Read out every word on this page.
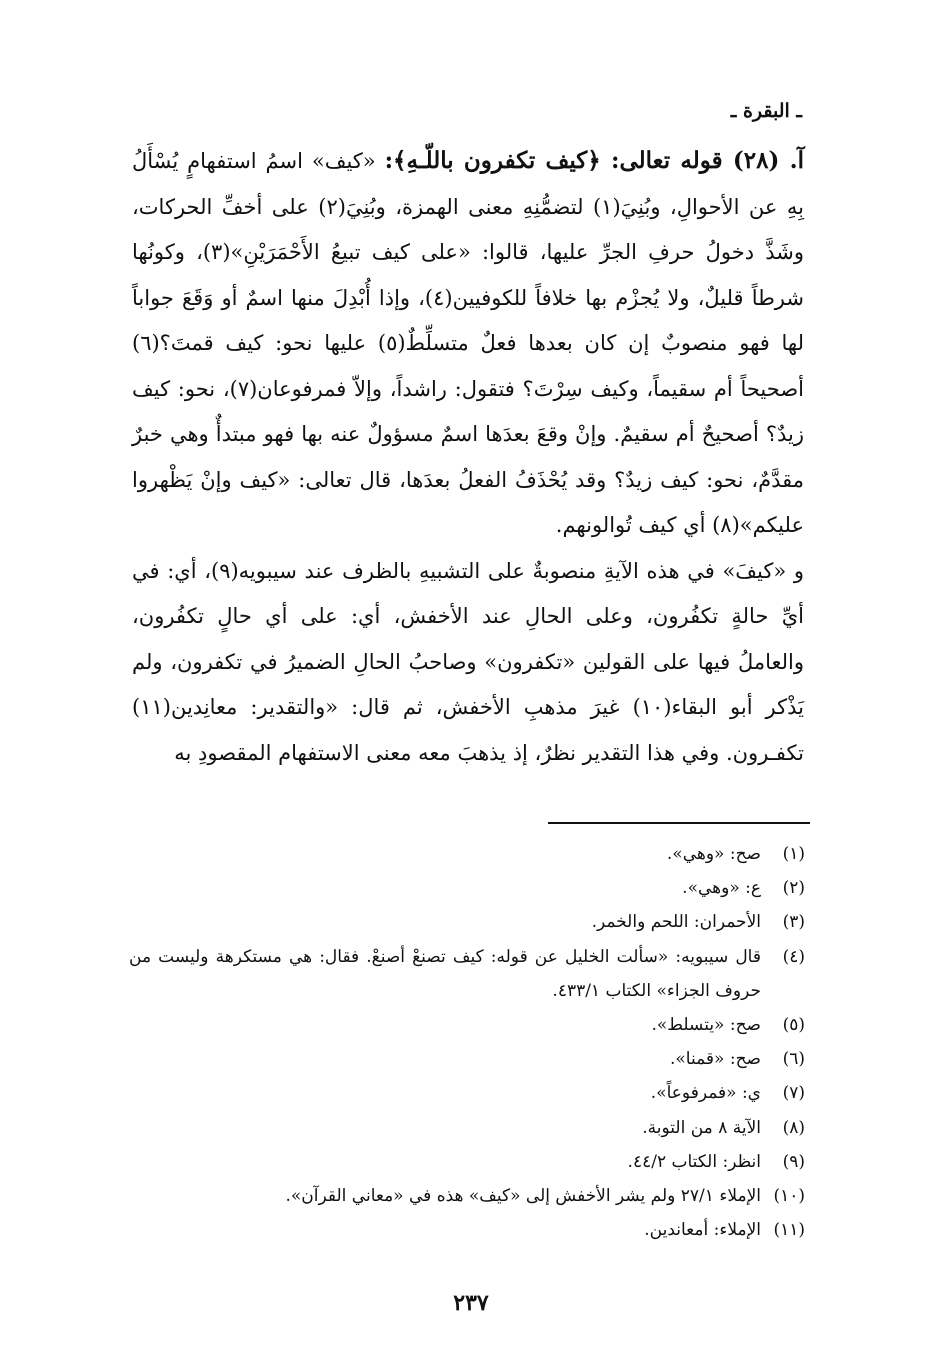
ـ البقرة ـ

آ. (٢٨) قوله تعالى: ﴿كيف تكفرون باللّـهِ﴾: «كيف» اسمُ استفهامٍ يُسْأَلُ بِهِ عن الأحوالِ، وبُنِيَ(١) لتضمُّنِهِ معنى الهمزة، وبُنِيَ(٢) على أخفِّ الحركات، وشَذَّ دخولُ حرفِ الجرِّ عليها، قالوا: «على كيف تبيعُ الأَحْمَرَيْنِ»(٣)، وكونُها شرطاً قليلٌ، ولا يُجزْم بها خلافاً للكوفيين(٤)، وإذا أُبْدِلَ منها اسمٌ أو وَقَعَ جواباً لها فهو منصوبٌ إن كان بعدها فعلٌ متسلِّطٌ(٥) عليها نحو: كيف قمتَ؟(٦) أصحيحاً أم سقيماً، وكيف سِرْتَ؟ فتقول: راشداً، وإلاّ فمرفوعان(٧)، نحو: كيف زيدٌ؟ أصحيحٌ أم سقيمٌ. وإنْ وقعَ بعدَها اسمٌ مسؤولٌ عنه بها فهو مبتدأٌ وهي خبرٌ مقدَّمٌ، نحو: كيف زيدٌ؟ وقد يُحْذَفُ الفعلُ بعدَها، قال تعالى: «كيف وإنْ يَظْهروا عليكم»(٨) أي كيف تُوالونهم.

و «كيفَ» في هذه الآيةِ منصوبةٌ على التشبيهِ بالظرف عند سيبويه(٩)، أي: في أيِّ حالةٍ تكفُرون، وعلى الحالِ عند الأخفش، أي: على أي حالٍ تكفُرون، والعاملُ فيها على القولين «تكفرون» وصاحبُ الحالِ الضميرُ في تكفرون، ولم يَذْكر أبو البقاء(١٠) غيرَ مذهبِ الأخفش، ثم قال: «والتقدير: معانِدين(١١) تكفـرون. وفي هذا التقدير نظرٌ، إذ يذهبَ معه معنى الاستفهام المقصودِ به

(١)
صح: «وهي».
(٢)
ع: «وهي».
(٣)
الأحمران: اللحم والخمر.
(٤)
قال سيبويه: «سألت الخليل عن قوله: كيف تصنعْ أصنعْ. فقال: هي مستكرهة وليست من حروف الجزاء» الكتاب ٤٣٣/١.
(٥)
صح: «يتسلط».
(٦)
صح: «قمنا».
(٧)
ي: «فمرفوعاً».
(٨)
الآية ٨ من التوبة.
(٩)
انظر: الكتاب ٤٤/٢.
(١٠)
الإملاء ٢٧/١ ولم يشر الأخفش إلى «كيف» هذه في «معاني القرآن».
(١١)
الإملاء: أمعاندين.
٢٣٧
